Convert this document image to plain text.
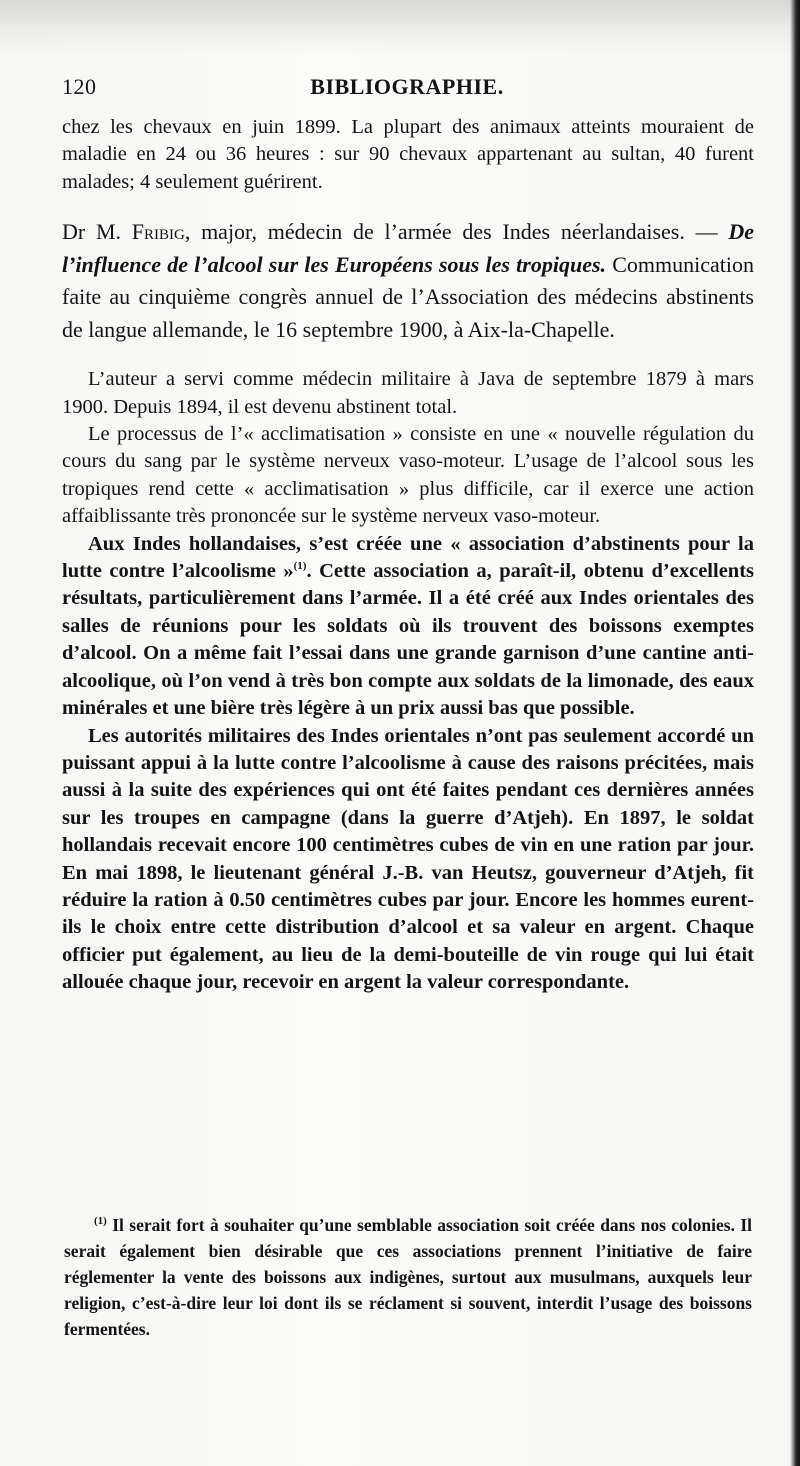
120	BIBLIOGRAPHIE.

chez les chevaux en juin 1899. La plupart des animaux atteints mouraient de maladie en 24 ou 36 heures : sur 90 chevaux appartenant au sultan, 40 furent malades; 4 seulement guérirent.

Dr M. Fribig, major, médecin de l’armée des Indes néerlandaises. — De l’influence de l’alcool sur les Européens sous les tropiques. Communication faite au cinquième congrès annuel de l’Association des médecins abstinents de langue allemande, le 16 septembre 1900, à Aix-la-Chapelle.

L’auteur a servi comme médecin militaire à Java de septembre 1879 à mars 1900. Depuis 1894, il est devenu abstinent total.

Le processus de l’« acclimatisation » consiste en une « nouvelle régulation du cours du sang par le système nerveux vaso-moteur. L’usage de l’alcool sous les tropiques rend cette « acclimatisation » plus difficile, car il exerce une action affaiblissante très prononcée sur le système nerveux vaso-moteur.

Aux Indes hollandaises, s’est créée une « association d’abstinents pour la lutte contre l’alcoolisme »$^{(1)}$. Cette association a, paraît-il, obtenu d’excellents résultats, particulièrement dans l’armée. Il a été créé aux Indes orientales des salles de réunions pour les soldats où ils trouvent des boissons exemptes d’alcool. On a même fait l’essai dans une grande garnison d’une cantine anti-alcoolique, où l’on vend à très bon compte aux soldats de la limonade, des eaux minérales et une bière très légère à un prix aussi bas que possible.

Les autorités militaires des Indes orientales n’ont pas seulement accordé un puissant appui à la lutte contre l’alcoolisme à cause des raisons précitées, mais aussi à la suite des expériences qui ont été faites pendant ces dernières années sur les troupes en campagne (dans la guerre d’Atjeh). En 1897, le soldat hollandais recevait encore 100 centimètres cubes de vin en une ration par jour. En mai 1898, le lieutenant général J.-B. van Heutsz, gouverneur d’Atjeh, fit réduire la ration à 0.50 centimètres cubes par jour. Encore les hommes eurent-ils le choix entre cette distribution d’alcool et sa valeur en argent. Chaque officier put également, au lieu de la demi-bouteille de vin rouge qui lui était allouée chaque jour, recevoir en argent la valeur correspondante.

$^{(1)}$ Il serait fort à souhaiter qu’une semblable association soit créée dans nos colonies. Il serait également bien désirable que ces associations prennent l’initiative de faire réglementer la vente des boissons aux indigènes, surtout aux musulmans, auxquels leur religion, c’est-à-dire leur loi dont ils se réclament si souvent, interdit l’usage des boissons fermentées.
